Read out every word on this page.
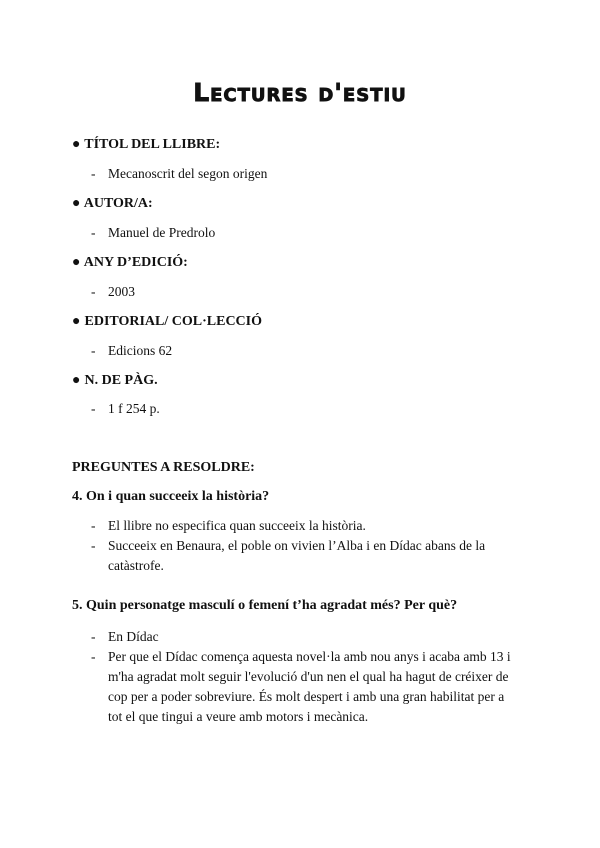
Lectures d'estiu
● TÍTOL DEL LLIBRE:
- Mecanoscrit del segon origen
● AUTOR/A:
- Manuel de Predrolo
● ANY D’EDICIÓ:
- 2003
● EDITORIAL/ COL·LECCIÓ
- Edicions 62
● N. DE PÀG.
- 1 f 254 p.
PREGUNTES A RESOLDRE:
4. On i quan succeeix la història?
- El llibre no especifica quan succeeix la història.
- Succeeix en Benaura, el poble on vivien l’Alba i en Dídac abans de la catàstrofe.
5. Quin personatge masculí o femení t’ha agradat més? Per què?
- En Dídac
- Per que el Dídac comença aquesta novel·la amb nou anys i acaba amb 13 i m'ha agradat molt seguir l'evolució d'un nen el qual ha hagut de créixer de cop per a poder sobreviure. És molt despert i amb una gran habilitat per a tot el que tingui a veure amb motors i mecànica.
